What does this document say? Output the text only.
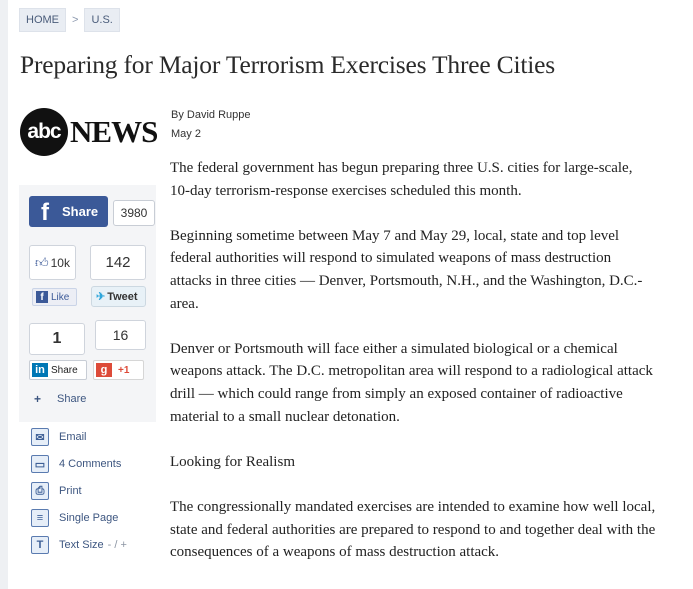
HOME	>	U.S.
Preparing for Major Terrorism Exercises Three Cities
abc NEWS By David Ruppe
May 2

The federal government has begun preparing three U.S. cities for large-scale, 10-day terrorism-response exercises scheduled this month.

Beginning sometime between May 7 and May 29, local, state and top level federal authorities will respond to simulated weapons of mass destruction attacks in three cities — Denver, Portsmouth, N.H., and the Washington, D.C.-area.

Denver or Portsmouth will face either a simulated biological or a chemical weapons attack. The D.C. metropolitan area will respond to a radiological attack drill — which could range from simply an exposed container of radioactive material to a small nuclear detonation.

Looking for Realism

The congressionally mandated exercises are intended to examine how well local, state and federal authorities are prepared to respond to and together deal with the consequences of a weapons of mass destruction attack.

f	Share	3980
👍︎ 10k	142
f Like ✈︎ Tweet
1	16
in Share	g	+1
+ Share
✉	Email
▭	4 Comments
⎙	Print
≡	Single Page
T	Text Size - / +
